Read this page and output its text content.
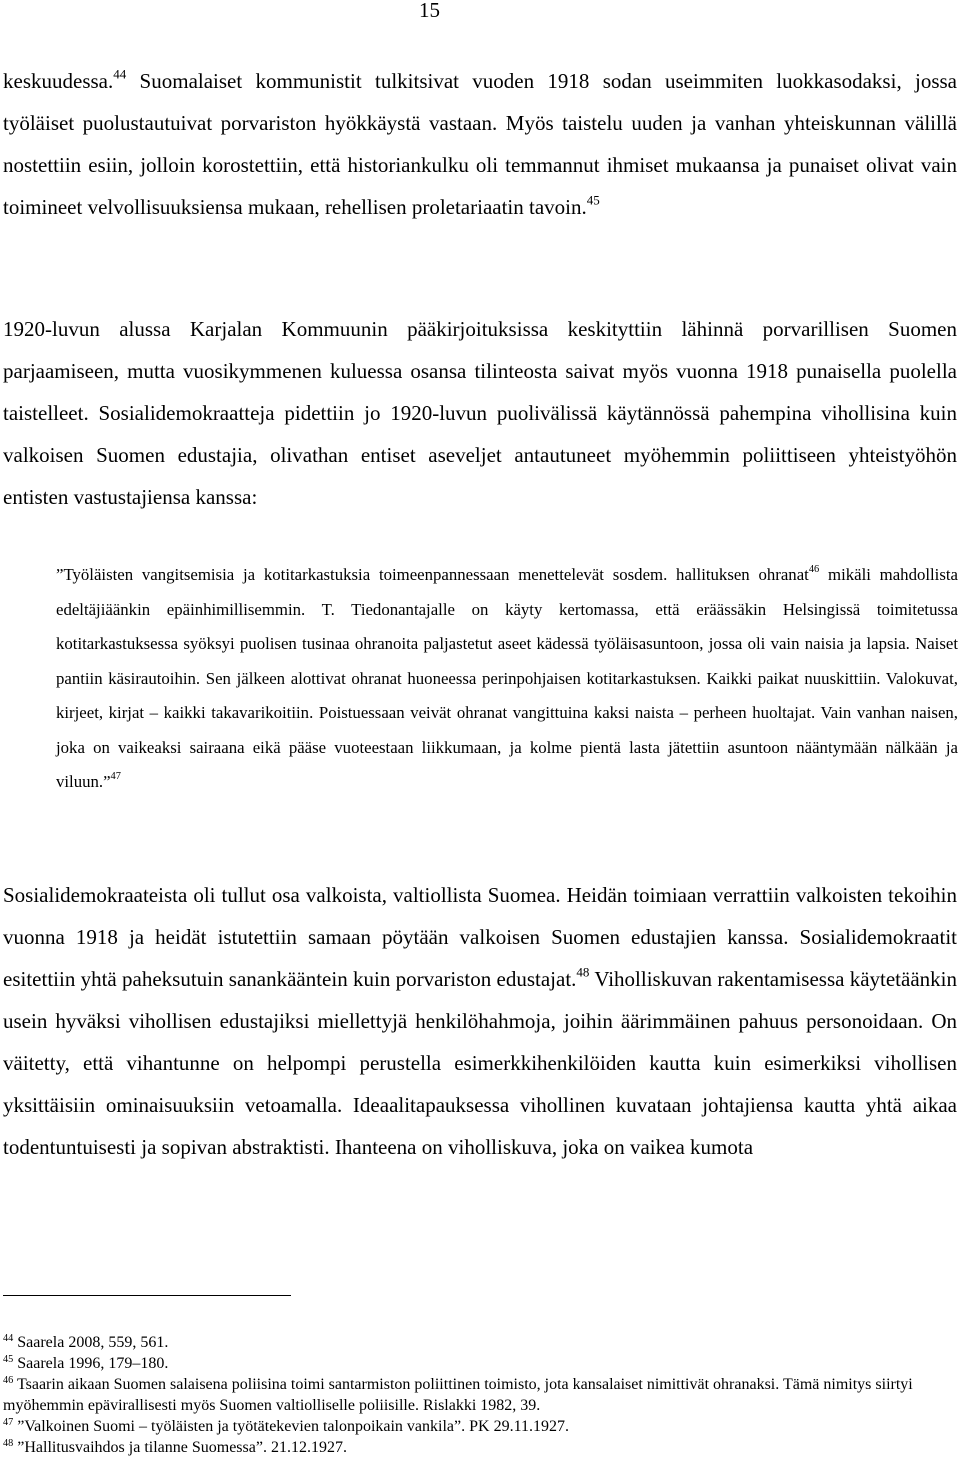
15

keskuudessa.$^{44}$ Suomalaiset kommunistit tulkitsivat vuoden 1918 sodan useimmiten luokkasodaksi, jossa työläiset puolustautuivat porvariston hyökkäystä vastaan. Myös taistelu uuden ja vanhan yhteiskunnan välillä nostettiin esiin, jolloin korostettiin, että historiankulku oli temmannut ihmiset mukaansa ja punaiset olivat vain toimineet velvollisuuksiensa mukaan, rehellisen proletariaatin tavoin.$^{45}$

1920-luvun alussa Karjalan Kommuunin pääkirjoituksissa keskityttiin lähinnä porvarillisen Suomen parjaamiseen, mutta vuosikymmenen kuluessa osansa tilinteosta saivat myös vuonna 1918 punaisella puolella taistelleet. Sosialidemokraatteja pidettiin jo 1920-luvun puolivälissä käytännössä pahempina vihollisina kuin valkoisen Suomen edustajia, olivathan entiset aseveljet antautuneet myöhemmin poliittiseen yhteistyöhön entisten vastustajiensa kanssa:

”Työläisten vangitsemisia ja kotitarkastuksia toimeenpannessaan menettelevät sosdem. hallituksen ohranat$^{46}$ mikäli mahdollista edeltäjiäänkin epäinhimillisemmin. T. Tiedonantajalle on käyty kertomassa, että eräässäkin Helsingissä toimitetussa kotitarkastuksessa syöksyi puolisen tusinaa ohranoita paljastetut aseet kädessä työläisasuntoon, jossa oli vain naisia ja lapsia. Naiset pantiin käsirautoihin. Sen jälkeen alottivat ohranat huoneessa perinpohjaisen kotitarkastuksen. Kaikki paikat nuuskittiin. Valokuvat, kirjeet, kirjat – kaikki takavarikoitiin. Poistuessaan veivät ohranat vangittuina kaksi naista – perheen huoltajat. Vain vanhan naisen, joka on vaikeaksi sairaana eikä pääse vuoteestaan liikkumaan, ja kolme pientä lasta jätettiin asuntoon nääntymään nälkään ja viluun.”$^{47}$

Sosialidemokraateista oli tullut osa valkoista, valtiollista Suomea. Heidän toimiaan verrattiin valkoisten tekoihin vuonna 1918 ja heidät istutettiin samaan pöytään valkoisen Suomen edustajien kanssa. Sosialidemokraatit esitettiin yhtä paheksutuin sanankääntein kuin porvariston edustajat.$^{48}$ Viholliskuvan rakentamisessa käytetäänkin usein hyväksi vihollisen edustajiksi miellettyjä henkilöhahmoja, joihin äärimmäinen pahuus personoidaan. On väitetty, että vihantunne on helpompi perustella esimerkkihenkilöiden kautta kuin esimerkiksi vihollisen yksittäisiin ominaisuuksiin vetoamalla. Ideaalitapauksessa vihollinen kuvataan johtajiensa kautta yhtä aikaa todentuntuisesti ja sopivan abstraktisti. Ihanteena on viholliskuva, joka on vaikea kumota

$^{44}$ Saarela 2008, 559, 561.

$^{45}$ Saarela 1996, 179–180.

$^{46}$ Tsaarin aikaan Suomen salaisena poliisina toimi santarmiston poliittinen toimisto, jota kansalaiset nimittivät ohranaksi. Tämä nimitys siirtyi myöhemmin epävirallisesti myös Suomen valtiolliselle poliisille. Rislakki 1982, 39.

$^{47}$ ”Valkoinen Suomi – työläisten ja työtätekevien talonpoikain vankila”. PK 29.11.1927.

$^{48}$ ”Hallitusvaihdos ja tilanne Suomessa”. 21.12.1927.
